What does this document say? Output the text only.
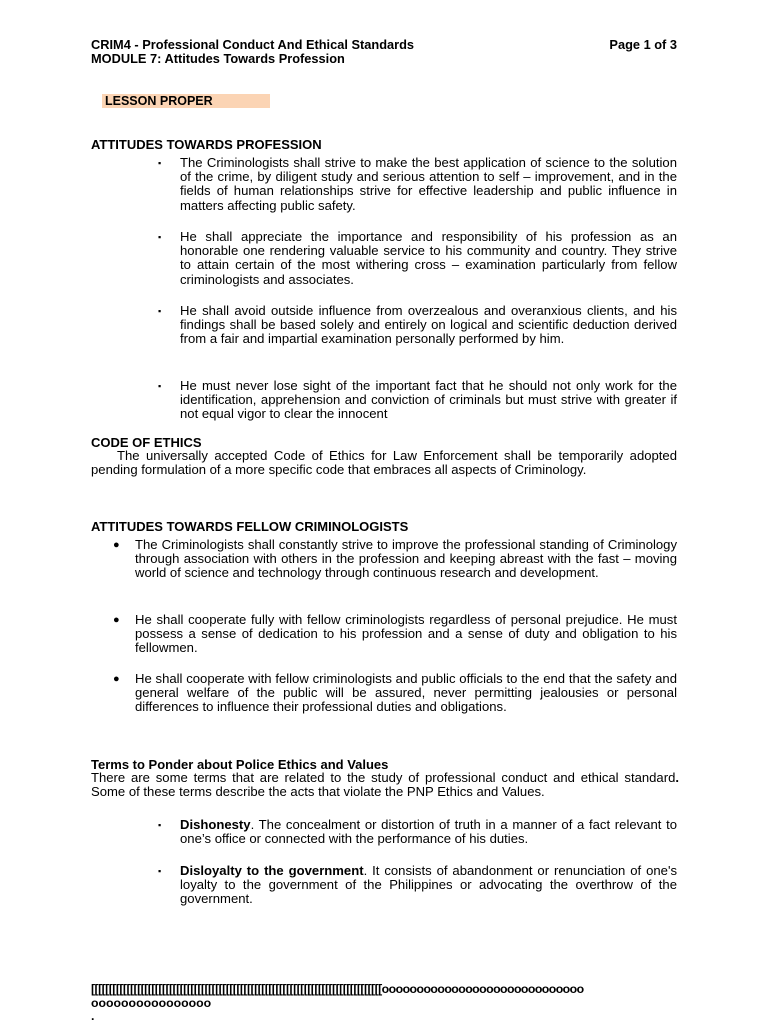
CRIM4 - Professional Conduct And Ethical Standards
MODULE 7: Attitudes Towards Profession
Page 1 of 3
LESSON PROPER
ATTITUDES TOWARDS PROFESSION
▪ The Criminologists shall strive to make the best application of science to the solution of the crime, by diligent study and serious attention to self – improvement, and in the fields of human relationships strive for effective leadership and public influence in matters affecting public safety.
▪ He shall appreciate the importance and responsibility of his profession as an honorable one rendering valuable service to his community and country. They strive to attain certain of the most withering cross – examination particularly from fellow criminologists and associates.
▪ He shall avoid outside influence from overzealous and overanxious clients, and his findings shall be based solely and entirely on logical and scientific deduction derived from a fair and impartial examination personally performed by him.
▪ He must never lose sight of the important fact that he should not only work for the identification, apprehension and conviction of criminals but must strive with greater if not equal vigor to clear the innocent
CODE OF ETHICS
The universally accepted Code of Ethics for Law Enforcement shall be temporarily adopted pending formulation of a more specific code that embraces all aspects of Criminology.
ATTITUDES TOWARDS FELLOW CRIMINOLOGISTS
● The Criminologists shall constantly strive to improve the professional standing of Criminology through association with others in the profession and keeping abreast with the fast – moving world of science and technology through continuous research and development.
● He shall cooperate fully with fellow criminologists regardless of personal prejudice. He must possess a sense of dedication to his profession and a sense of duty and obligation to his fellowmen.
● He shall cooperate with fellow criminologists and public officials to the end that the safety and general welfare of the public will be assured, never permitting jealousies or personal differences to influence their professional duties and obligations.
Terms to Ponder about Police Ethics and Values
There are some terms that are related to the study of professional conduct and ethical standard. Some of these terms describe the acts that violate the PNP Ethics and Values.
▪ Dishonesty. The concealment or distortion of truth in a manner of a fact relevant to one’s office or connected with the performance of his duties.
▪ Disloyalty to the government. It consists of abandonment or renunciation of one's loyalty to the government of the Philippines or advocating the overthrow of the government.
[[[[[[[[[[[[[[[[[[[[[[[[[[[[[[[[[[[[[[[[[[[[[[[[[[[[[[[[[[[[[[[[[[[[[[[[[[[[[[[[[[ooooooooooooooooooooooooooooo
oooooooooooooooo
.
